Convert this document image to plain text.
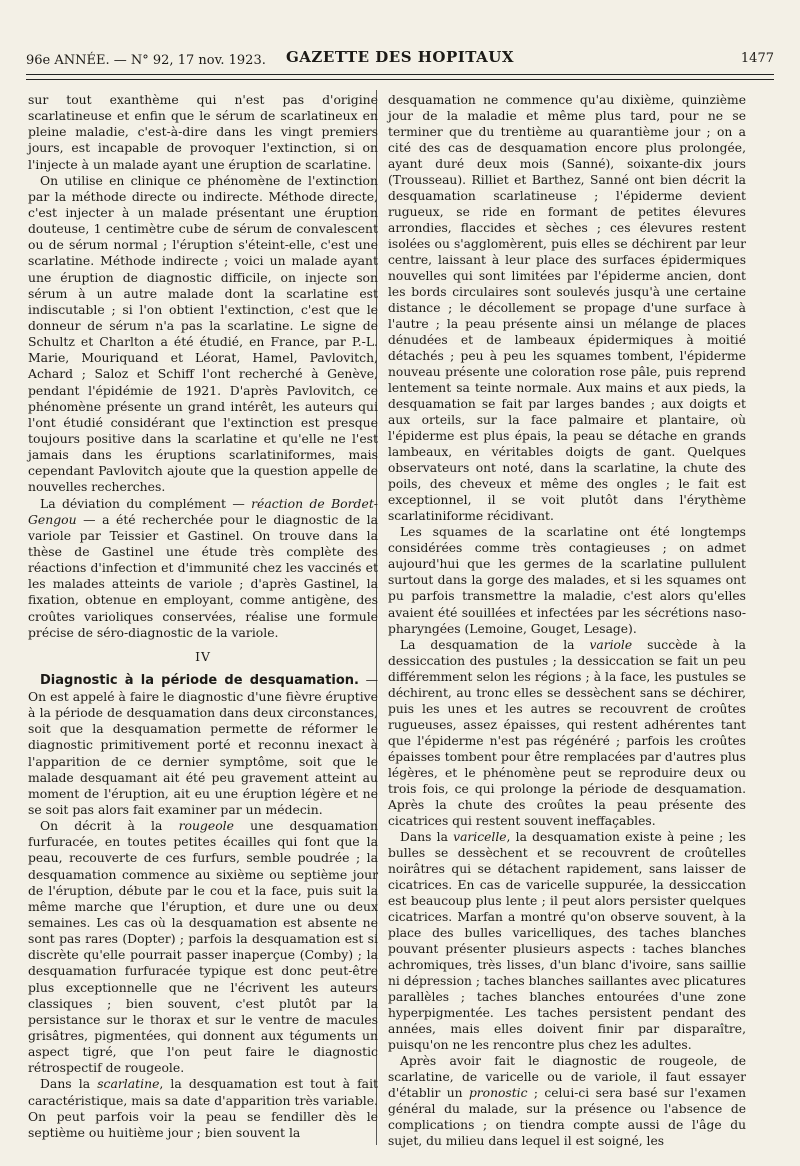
96e ANNÉE. — N° 92, 17 nov. 1923.	GAZETTE DES HOPITAUX	1477

sur tout exanthème qui n'est pas d'origine scarlatineuse et enfin que le sérum de scarlatineux en pleine maladie, c'est-à-dire dans les vingt premiers jours, est incapable de provoquer l'extinction, si on l'injecte à un malade ayant une éruption de scarlatine.

On utilise en clinique ce phénomène de l'extinction par la méthode directe ou indirecte. Méthode directe, c'est injecter à un malade présentant une éruption douteuse, 1 centimètre cube de sérum de convalescent ou de sérum normal ; l'éruption s'éteint-elle, c'est une scarlatine. Méthode indirecte ; voici un malade ayant une éruption de diagnostic difficile, on injecte son sérum à un autre malade dont la scarlatine est indiscutable ; si l'on obtient l'extinction, c'est que le donneur de sérum n'a pas la scarlatine. Le signe de Schultz et Charlton a été étudié, en France, par P.-L. Marie, Mouriquand et Léorat, Hamel, Pavlovitch, Achard ; Saloz et Schiff l'ont recherché à Genève, pendant l'épidémie de 1921. D'après Pavlovitch, ce phénomène présente un grand intérêt, les auteurs qui l'ont étudié considérant que l'extinction est presque toujours positive dans la scarlatine et qu'elle ne l'est jamais dans les éruptions scarlatiniformes, mais cependant Pavlovitch ajoute que la question appelle de nouvelles recherches.

La déviation du complément — réaction de Bordet-Gengou — a été recherchée pour le diagnostic de la variole par Teissier et Gastinel. On trouve dans la thèse de Gastinel une étude très complète des réactions d'infection et d'immunité chez les vaccinés et les malades atteints de variole ; d'après Gastinel, la fixation, obtenue en employant, comme antigène, des croûtes varioliques conservées, réalise une formule précise de séro-diagnostic de la variole.

IV

Diagnostic à la période de desquamation. — On est appelé à faire le diagnostic d'une fièvre éruptive à la période de desquamation dans deux circonstances, soit que la desquamation permette de réformer le diagnostic primitivement porté et reconnu inexact à l'apparition de ce dernier symptôme, soit que le malade desquamant ait été peu gravement atteint au moment de l'éruption, ait eu une éruption légère et ne se soit pas alors fait examiner par un médecin.

On décrit à la rougeole une desquamation furfuracée, en toutes petites écailles qui font que la peau, recouverte de ces furfurs, semble poudrée ; la desquamation commence au sixième ou septième jour de l'éruption, débute par le cou et la face, puis suit la même marche que l'éruption, et dure une ou deux semaines. Les cas où la desquamation est absente ne sont pas rares (Dopter) ; parfois la desquamation est si discrète qu'elle pourrait passer inaperçue (Comby) ; la desquamation furfuracée typique est donc peut-être plus exceptionnelle que ne l'écrivent les auteurs classiques ; bien souvent, c'est plutôt par la persistance sur le thorax et sur le ventre de macules grisâtres, pigmentées, qui donnent aux téguments un aspect tigré, que l'on peut faire le diagnostic rétrospectif de rougeole.

Dans la scarlatine, la desquamation est tout à fait caractéristique, mais sa date d'apparition très variable. On peut parfois voir la peau se fendiller dès le septième ou huitième jour ; bien souvent la

desquamation ne commence qu'au dixième, quinzième jour de la maladie et même plus tard, pour ne se terminer que du trentième au quarantième jour ; on a cité des cas de desquamation encore plus prolongée, ayant duré deux mois (Sanné), soixante-dix jours (Trousseau). Rilliet et Barthez, Sanné ont bien décrit la desquamation scarlatineuse ; l'épiderme devient rugueux, se ride en formant de petites élevures arrondies, flaccides et sèches ; ces élevures restent isolées ou s'agglomèrent, puis elles se déchirent par leur centre, laissant à leur place des surfaces épidermiques nouvelles qui sont limitées par l'épiderme ancien, dont les bords circulaires sont soulevés jusqu'à une certaine distance ; le décollement se propage d'une surface à l'autre ; la peau présente ainsi un mélange de places dénudées et de lambeaux épidermiques à moitié détachés ; peu à peu les squames tombent, l'épiderme nouveau présente une coloration rose pâle, puis reprend lentement sa teinte normale. Aux mains et aux pieds, la desquamation se fait par larges bandes ; aux doigts et aux orteils, sur la face palmaire et plantaire, où l'épiderme est plus épais, la peau se détache en grands lambeaux, en véritables doigts de gant. Quelques observateurs ont noté, dans la scarlatine, la chute des poils, des cheveux et même des ongles ; le fait est exceptionnel, il se voit plutôt dans l'érythème scarlatiniforme récidivant.

Les squames de la scarlatine ont été longtemps considérées comme très contagieuses ; on admet aujourd'hui que les germes de la scarlatine pullulent surtout dans la gorge des malades, et si les squames ont pu parfois transmettre la maladie, c'est alors qu'elles avaient été souillées et infectées par les sécrétions naso-pharyngées (Lemoine, Gouget, Lesage).

La desquamation de la variole succède à la dessiccation des pustules ; la dessiccation se fait un peu différemment selon les régions ; à la face, les pustules se déchirent, au tronc elles se dessèchent sans se déchirer, puis les unes et les autres se recouvrent de croûtes rugueuses, assez épaisses, qui restent adhérentes tant que l'épiderme n'est pas régénéré ; parfois les croûtes épaisses tombent pour être remplacées par d'autres plus légères, et le phénomène peut se reproduire deux ou trois fois, ce qui prolonge la période de desquamation. Après la chute des croûtes la peau présente des cicatrices qui restent souvent ineffaçables.

Dans la varicelle, la desquamation existe à peine ; les bulles se dessèchent et se recouvrent de croûtelles noirâtres qui se détachent rapidement, sans laisser de cicatrices. En cas de varicelle suppurée, la dessiccation est beaucoup plus lente ; il peut alors persister quelques cicatrices. Marfan a montré qu'on observe souvent, à la place des bulles varicelliques, des taches blanches pouvant présenter plusieurs aspects : taches blanches achromiques, très lisses, d'un blanc d'ivoire, sans saillie ni dépression ; taches blanches saillantes avec plicatures parallèles ; taches blanches entourées d'une zone hyperpigmentée. Les taches persistent pendant des années, mais elles doivent finir par disparaître, puisqu'on ne les rencontre plus chez les adultes.

Après avoir fait le diagnostic de rougeole, de scarlatine, de varicelle ou de variole, il faut essayer d'établir un pronostic ; celui-ci sera basé sur l'examen général du malade, sur la présence ou l'absence de complications ; on tiendra compte aussi de l'âge du sujet, du milieu dans lequel il est soigné, les
